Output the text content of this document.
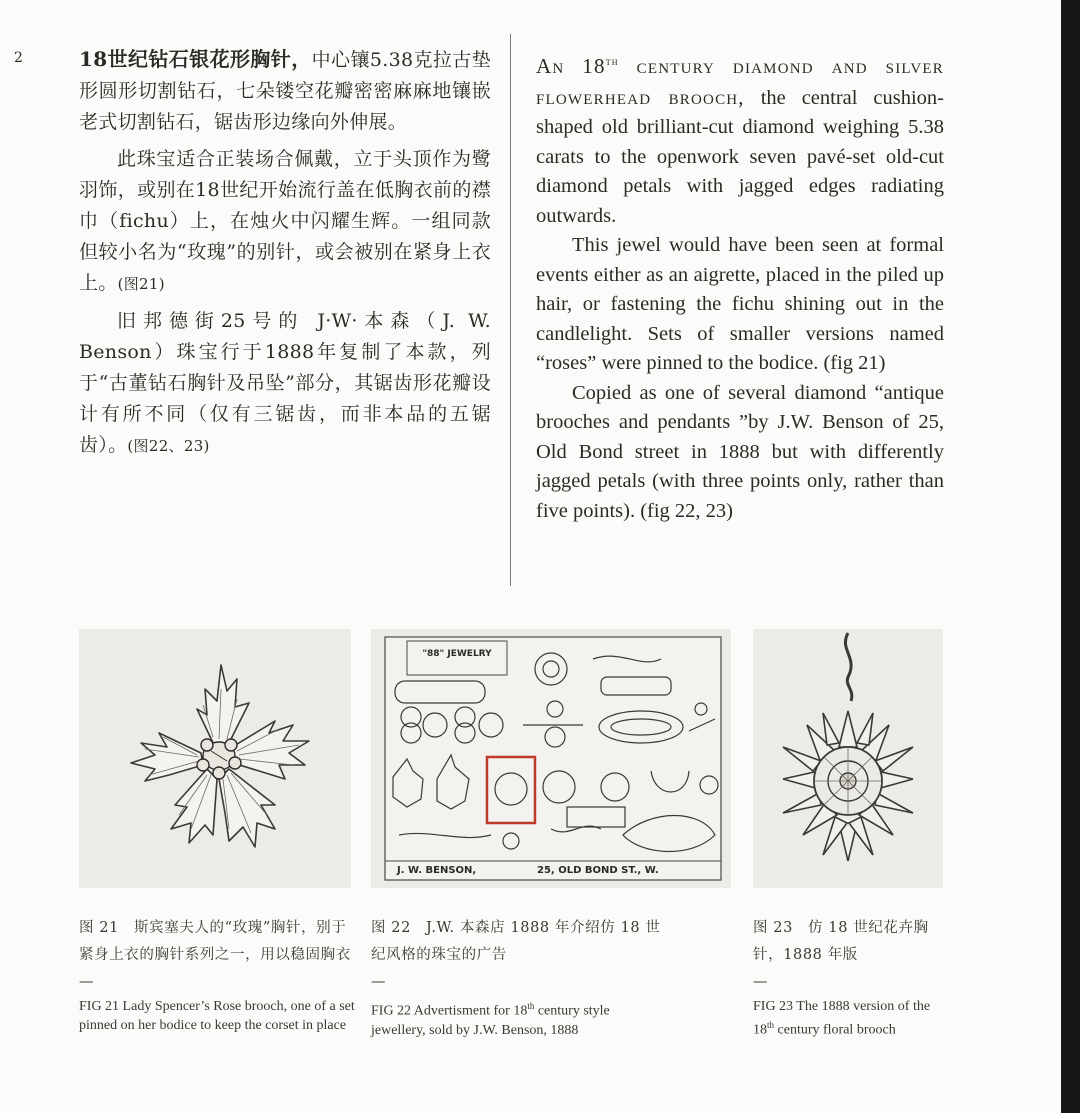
2	18世纪钻石银花形胸针，中心镶5.38克拉古垫形圆形切割钻石，七朵镂空花瓣密密麻麻地镶嵌老式切割钻石，锯齿形边缘向外伸展。

此珠宝适合正装场合佩戴，立于头顶作为鹭羽饰，或别在18世纪开始流行盖在低胸衣前的襟巾（fichu）上，在烛火中闪耀生辉。一组同款但较小名为“玫瑰”的别针，或会被别在紧身上衣上。(图21)

旧邦德街25号的 J·W·本森（J. W. Benson）珠宝行于1888年复制了本款，列于“古董钻石胸针及吊坠”部分，其锯齿形花瓣设计有所不同（仅有三锯齿，而非本品的五锯齿）。(图22、23)

An 18th century diamond and silver flowerhead brooch, the central cushion-shaped old brilliant-cut diamond weighing 5.38 carats to the openwork seven pavé-set old-cut diamond petals with jagged edges radiating outwards.

This jewel would have been seen at formal events either as an aigrette, placed in the piled up hair, or fastening the fichu shining out in the candlelight. Sets of smaller versions named “roses” were pinned to the bodice. (fig 21)

Copied as one of several diamond “antique brooches and pendants ”by J.W. Benson of 25, Old Bond street in 1888 but with differently jagged petals (with three points only, rather than five points). (fig 22, 23)

"88" JEWELRY
J. W. BENSON,	25, OLD BOND ST., W.
图 21　斯宾塞夫人的“玫瑰”胸针，别于紧身上衣的胸针系列之一，用以稳固胸衣
—
FIG 21 Lady Spencer’s Rose brooch, one of a set pinned on her bodice to keep the corset in place
图 22　J.W. 本森店 1888 年介绍仿 18 世纪风格的珠宝的广告
—
FIG 22 Advertisment for 18th century style jewellery, sold by J.W. Benson, 1888
图 23　仿 18 世纪花卉胸针，1888 年版
—
FIG 23 The 1888 version of the 18th century floral brooch
